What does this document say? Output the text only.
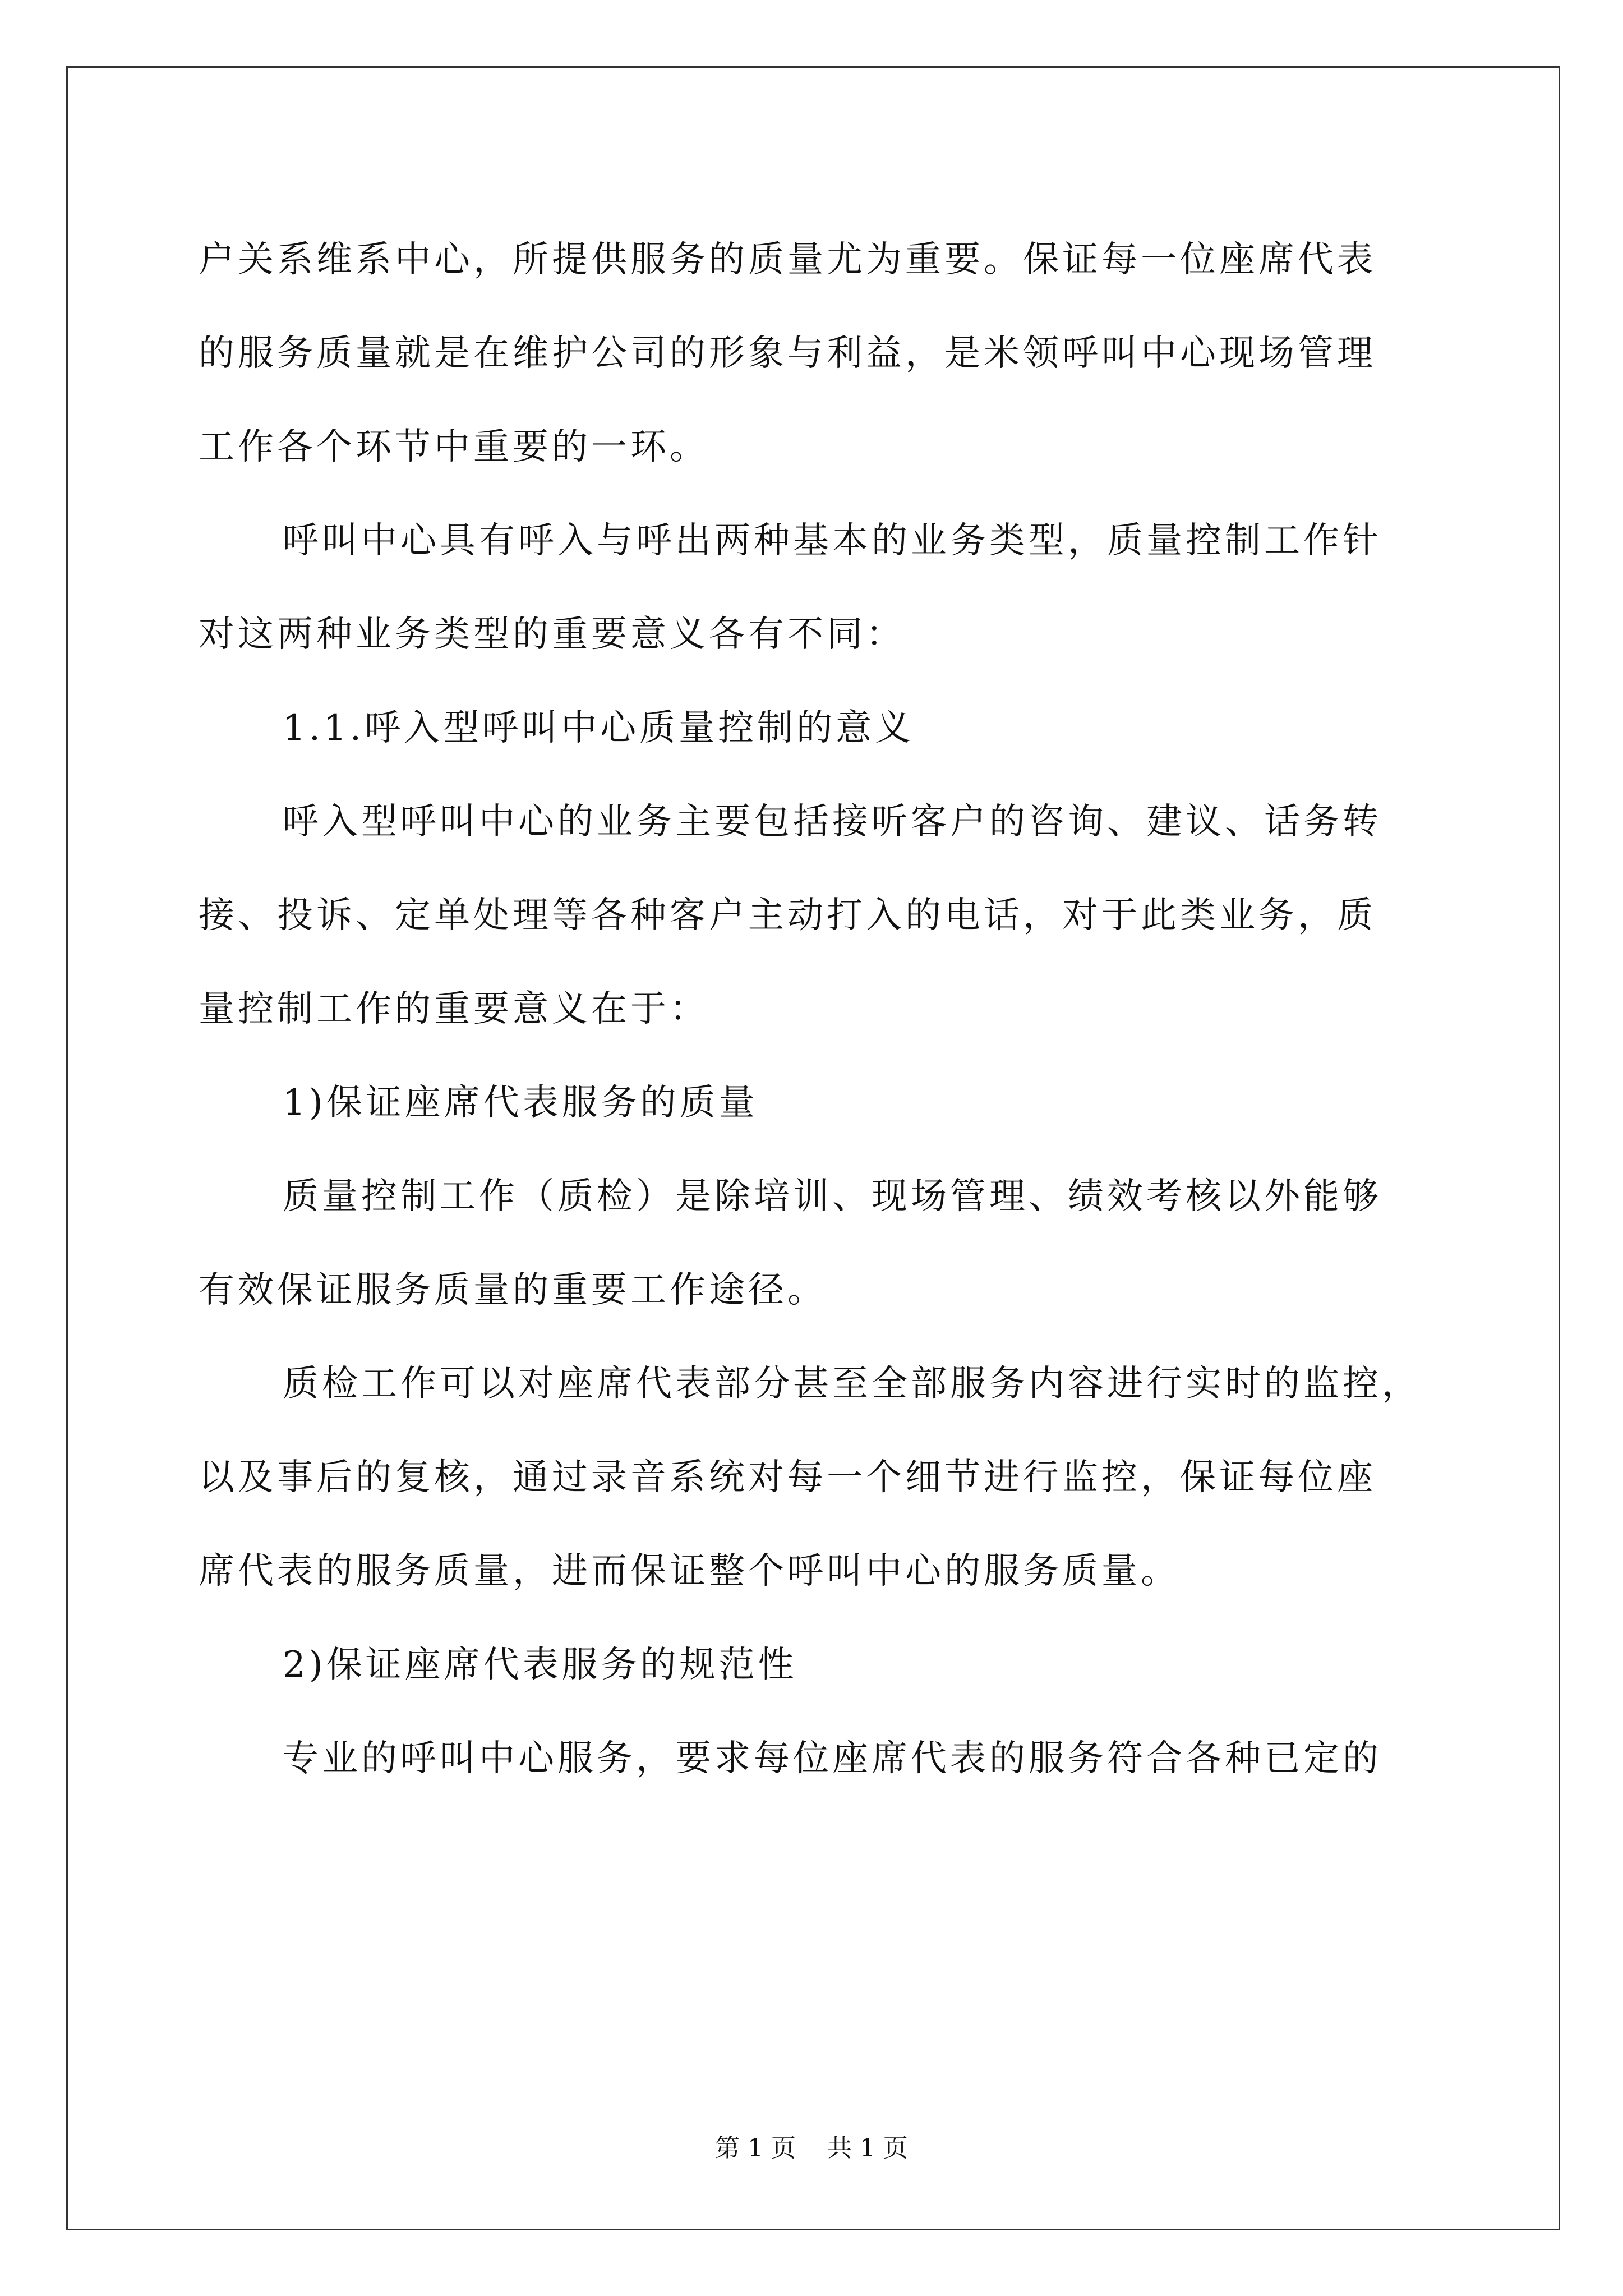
户关系维系中心，所提供服务的质量尤为重要。保证每一位座席代表
的服务质量就是在维护公司的形象与利益，是米领呼叫中心现场管理
工作各个环节中重要的一环。
呼叫中心具有呼入与呼出两种基本的业务类型，质量控制工作针
对这两种业务类型的重要意义各有不同：
1.1.呼入型呼叫中心质量控制的意义
呼入型呼叫中心的业务主要包括接听客户的咨询、建议、话务转
接、投诉、定单处理等各种客户主动打入的电话，对于此类业务，质
量控制工作的重要意义在于：
1)保证座席代表服务的质量
质量控制工作（质检）是除培训、现场管理、绩效考核以外能够
有效保证服务质量的重要工作途径。
质检工作可以对座席代表部分甚至全部服务内容进行实时的监控，
以及事后的复核，通过录音系统对每一个细节进行监控，保证每位座
席代表的服务质量，进而保证整个呼叫中心的服务质量。
2)保证座席代表服务的规范性
专业的呼叫中心服务，要求每位座席代表的服务符合各种已定的
第 1 页    共 1 页
